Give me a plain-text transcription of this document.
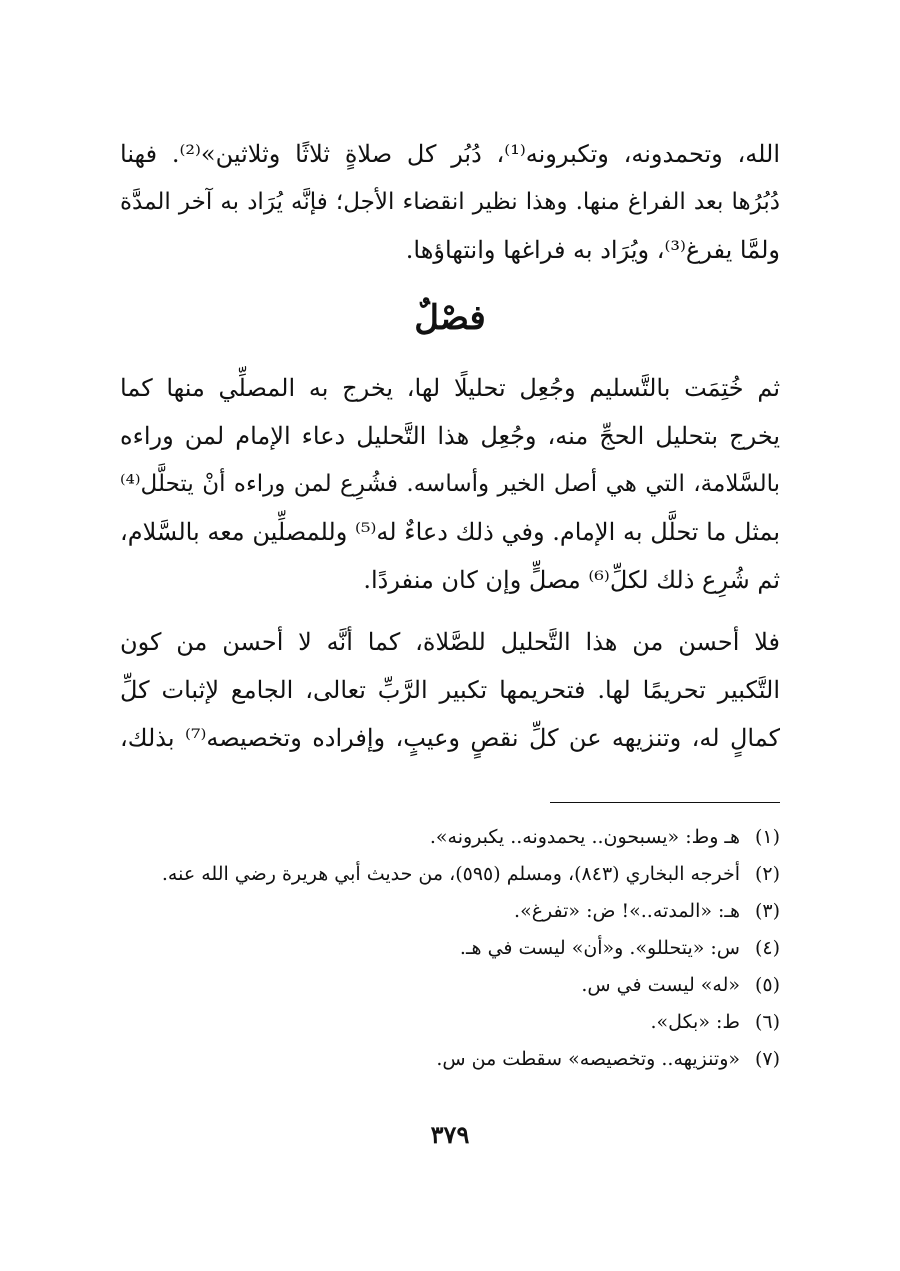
الله، وتحمدونه، وتكبرونه⁽¹⁾، دُبُر كل صلاةٍ ثلاثًا وثلاثين»⁽²⁾. فهنا
دُبُرُها بعد الفراغ منها. وهذا نظير انقضاء الأجل؛ فإنَّه يُرَاد به آخر المدَّة
ولمَّا يفرغ⁽³⁾، ويُرَاد به فراغها وانتهاؤها.
فصْلٌ
ثم خُتِمَت بالتَّسليم وجُعِل تحليلًا لها، يخرج به المصلِّي منها كما
يخرج بتحليل الحجِّ منه، وجُعِل هذا التَّحليل دعاء الإمام لمن وراءه
بالسَّلامة، التي هي أصل الخير وأساسه. فشُرِع لمن وراءه أنْ يتحلَّل⁽⁴⁾
بمثل ما تحلَّل به الإمام. وفي ذلك دعاءٌ له⁽⁵⁾ وللمصلِّين معه بالسَّلام،
ثم شُرِع ذلك لكلِّ⁽⁶⁾ مصلٍّ وإن كان منفردًا.
فلا أحسن من هذا التَّحليل للصَّلاة، كما أنَّه لا أحسن من كون
التَّكبير تحريمًا لها. فتحريمها تكبير الرَّبِّ تعالى، الجامع لإثبات كلِّ
كمالٍ له، وتنزيهه عن كلِّ نقصٍ وعيبٍ، وإفراده وتخصيصه⁽⁷⁾ بذلك،
(١)هـ وط: «يسبحون.. يحمدونه.. يكبرونه».
(٢)أخرجه البخاري (٨٤٣)، ومسلم (٥٩٥)، من حديث أبي هريرة رضي الله عنه.
(٣)هـ: «المدته..»! ض: «تفرغ».
(٤)س: «يتحللو». و«أن» ليست في هـ.
(٥)«له» ليست في س.
(٦)ط: «بكل».
(٧)«وتنزيهه.. وتخصيصه» سقطت من س.
٣٧٩
